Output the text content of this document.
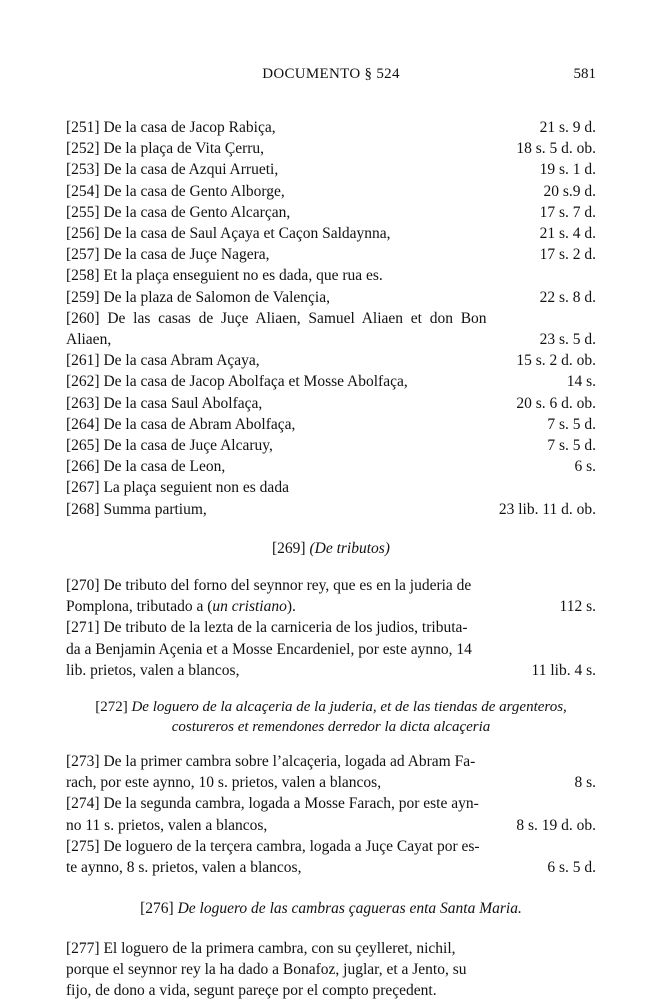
DOCUMENTO § 524	581
[251] De la casa de Jacop Rabiça,	21 s. 9 d.
[252] De la plaça de Vita Çerru,	18 s. 5 d. ob.
[253] De la casa de Azqui Arrueti,	19 s. 1 d.
[254] De la casa de Gento Alborge,	20 s.9 d.
[255] De la casa de Gento Alcarçan,	17 s. 7 d.
[256] De la casa de Saul Açaya et Caçon Saldaynna,	21 s. 4 d.
[257] De la casa de Juçe Nagera,	17 s. 2 d.
[258] Et la plaça enseguient no es dada, que rua es.
[259] De la plaza de Salomon de Valençia,	22 s. 8 d.
[260]  De  las  casas  de  Juçe  Aliaen,  Samuel  Aliaen  et  don  Bon
Aliaen,	23 s. 5 d.
[261] De la casa Abram Açaya,	15 s. 2 d. ob.
[262] De la casa de Jacop Abolfaça et Mosse Abolfaça,	14 s.
[263] De la casa Saul Abolfaça,	20 s. 6 d. ob.
[264] De la casa de Abram Abolfaça,	7 s. 5 d.
[265] De la casa de Juçe Alcaruy,	7 s. 5 d.
[266] De la casa de Leon,	6 s.
[267] La plaça seguient non es dada
[268] Summa partium,	23 lib. 11 d. ob.
[269] (De tributos)
[270] De tributo del forno del seynnor rey, que es en la juderia de
Pomplona, tributado a (un cristiano).	112 s.
[271] De tributo de la lezta de la carniceria de los judios, tributa-
da a Benjamin Açenia et a Mosse Encardeniel, por este aynno, 14
lib. prietos, valen a blancos,	11 lib. 4 s.
[272] De loguero de la alcaçeria de la juderia, et de las tiendas de argenteros,
costureros et remendones derredor la dicta alcaçeria
[273] De la primer cambra sobre l’alcaçeria, logada ad Abram Fa-
rach, por este aynno, 10 s. prietos, valen a blancos,	8 s.
[274] De la segunda cambra, logada a Mosse Farach, por este ayn-
no 11 s. prietos, valen a blancos,	8 s. 19 d. ob.
[275] De loguero de la terçera cambra, logada a Juçe Cayat por es-
te aynno, 8 s. prietos, valen a blancos,	6 s. 5 d.
[276] De loguero de las cambras çagueras enta Santa Maria.
[277] El loguero de la primera cambra, con su çeylleret, nichil,
porque el seynnor rey la ha dado a Bonafoz, juglar, et a Jento, su
fijo, de dono a vida, segunt pareçe por el compto preçedent.
